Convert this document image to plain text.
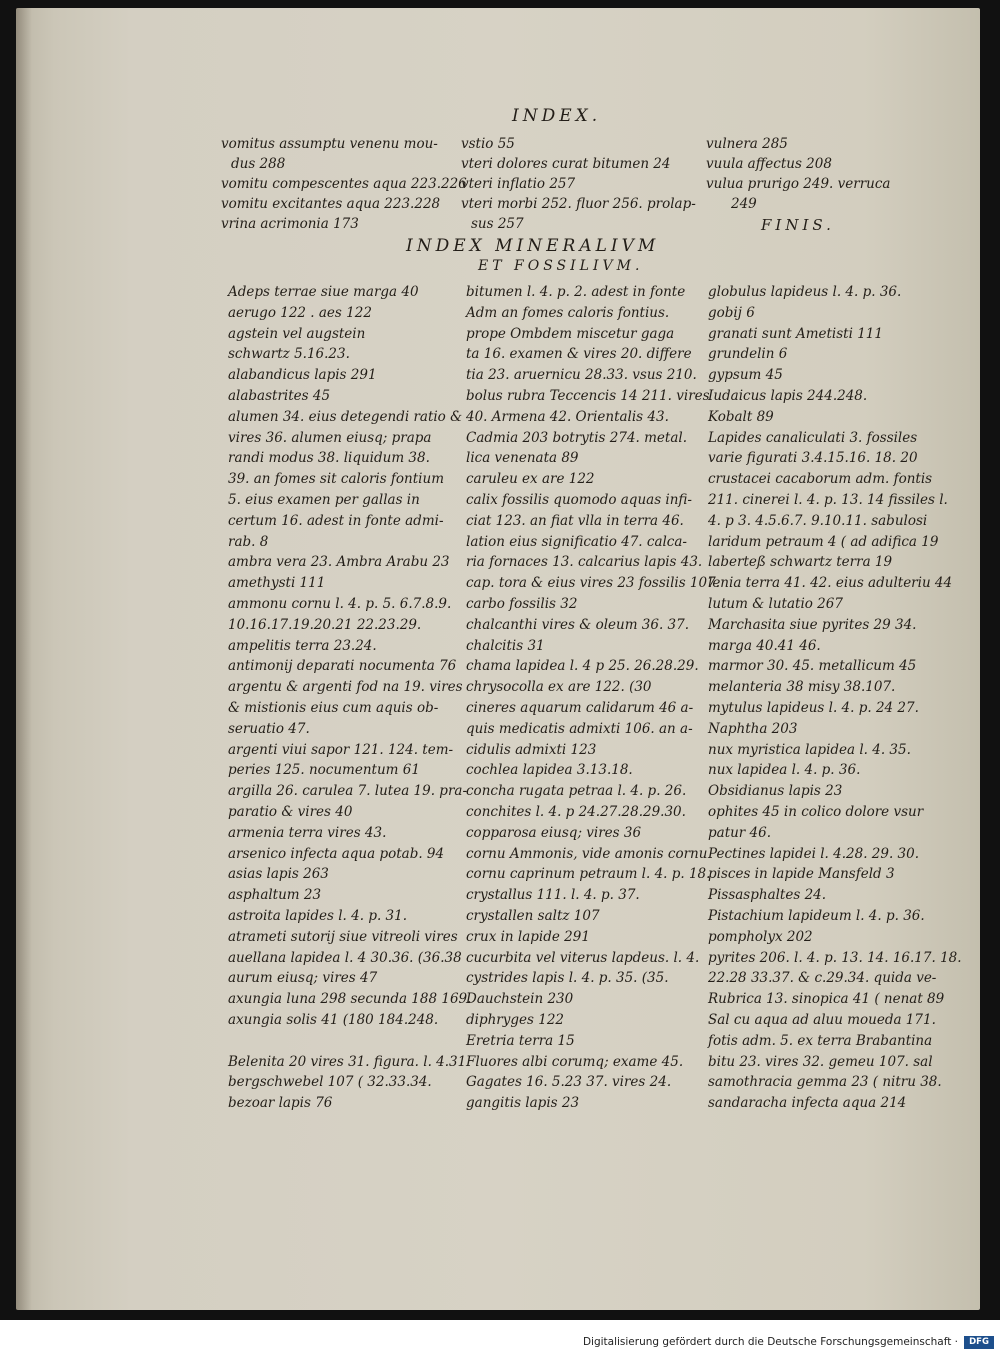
INDEX.
vomitus assumptu venenu mou-
dus 288
vomitu compescentes aqua 223.226
vomitu excitantes aqua 223.228
vrina acrimonia 173
vstio 55
vteri dolores curat bitumen 24
vteri inflatio 257
vteri morbi 252. fluor 256. prolap-
sus 257
vulnera 285
vuula affectus 208
vulua prurigo 249. verruca
249
FINIS.
INDEX MINERALIVM
ET FOSSILIVM.
Adeps terrae siue marga 40
aerugo 122 . aes 122
agstein vel augstein
schwartz 5.16.23.
alabandicus lapis 291
alabastrites 45
alumen 34. eius detegendi ratio &
vires 36. alumen eiusq; prapa
randi modus 38. liquidum 38.
39. an fomes sit caloris fontium
5. eius examen per gallas in
certum 16. adest in fonte admi-
rab. 8
ambra vera 23. Ambra Arabu 23
amethysti 111
ammonu cornu l. 4. p. 5. 6.7.8.9.
10.16.17.19.20.21 22.23.29.
ampelitis terra 23.24.
antimonij deparati nocumenta 76
argentu & argenti fod na 19. vires
& mistionis eius cum aquis ob-
seruatio 47.
argenti viui sapor 121. 124. tem-
peries 125. nocumentum 61
argilla 26. carulea 7. lutea 19. pra-
paratio & vires 40
armenia terra vires 43.
arsenico infecta aqua potab. 94
asias lapis 263
asphaltum 23
astroita lapides l. 4. p. 31.
atrameti sutorij siue vitreoli vires
auellana lapidea l. 4 30.36. (36.38
aurum eiusq; vires 47
axungia luna 298 secunda 188 169.
axungia solis 41 (180 184.248.
Belenita 20 vires 31. figura. l. 4.31
bergschwebel 107 ( 32.33.34.
bezoar lapis 76
bitumen l. 4. p. 2. adest in fonte
Adm an fomes caloris fontius.
prope Ombdem miscetur gaga
ta 16. examen & vires 20. differe
tia 23. aruernicu 28.33. vsus 210.
bolus rubra Teccencis 14 211. vires
40. Armena 42. Orientalis 43.
Cadmia 203 botrytis 274. metal.
lica venenata 89
caruleu ex are 122
calix fossilis quomodo aquas infi-
ciat 123. an fiat vlla in terra 46.
lation eius significatio 47. calca-
ria fornaces 13. calcarius lapis 43.
cap. tora & eius vires 23 fossilis 107.
carbo fossilis 32
chalcanthi vires & oleum 36. 37.
chalcitis 31
chama lapidea l. 4 p 25. 26.28.29.
chrysocolla ex are 122. (30
cineres aquarum calidarum 46 a-
quis medicatis admixti 106. an a-
cidulis admixti 123
cochlea lapidea 3.13.18.
concha rugata petraa l. 4. p. 26.
conchites l. 4. p 24.27.28.29.30.
copparosa eiusq; vires 36
cornu Ammonis, vide amonis cornu
cornu caprinum petraum l. 4. p. 18.
crystallus 111. l. 4. p. 37.
crystallen saltz 107
crux in lapide 291
cucurbita vel viterus lapdeus. l. 4.
cystrides lapis l. 4. p. 35. (35.
Dauchstein 230
diphryges 122
Eretria terra 15
Fluores albi corumq; exame 45.
Gagates 16. 5.23 37. vires 24.
gangitis lapis 23
globulus lapideus l. 4. p. 36.
gobij 6
granati sunt Ametisti 111
grundelin 6
gypsum 45
Iudaicus lapis 244.248.
Kobalt 89
Lapides canaliculati 3. fossiles
varie figurati 3.4.15.16. 18. 20
crustacei cacaborum adm. fontis
211. cinerei l. 4. p. 13. 14 fissiles l.
4. p 3. 4.5.6.7. 9.10.11. sabulosi
laridum petraum 4 ( ad adifica 19
laberteß schwartz terra 19
lenia terra 41. 42. eius adulteriu 44
lutum & lutatio 267
Marchasita siue pyrites 29 34.
marga 40.41 46.
marmor 30. 45. metallicum 45
melanteria 38 misy 38.107.
mytulus lapideus l. 4. p. 24 27.
Naphtha 203
nux myristica lapidea l. 4. 35.
nux lapidea l. 4. p. 36.
Obsidianus lapis 23
ophites 45 in colico dolore vsur
patur 46.
Pectines lapidei l. 4.28. 29. 30.
pisces in lapide Mansfeld 3
Pissasphaltes 24.
Pistachium lapideum l. 4. p. 36.
pompholyx 202
pyrites 206. l. 4. p. 13. 14. 16.17. 18.
22.28 33.37. & c.29.34. quida ve-
Rubrica 13. sinopica 41 ( nenat 89
Sal cu aqua ad aluu moueda 171.
fotis adm. 5. ex terra Brabantina
bitu 23. vires 32. gemeu 107. sal
samothracia gemma 23 ( nitru 38.
sandaracha infecta aqua 214
Digitalisierung gefördert durch die Deutsche Forschungsgemeinschaft ·	DFG
